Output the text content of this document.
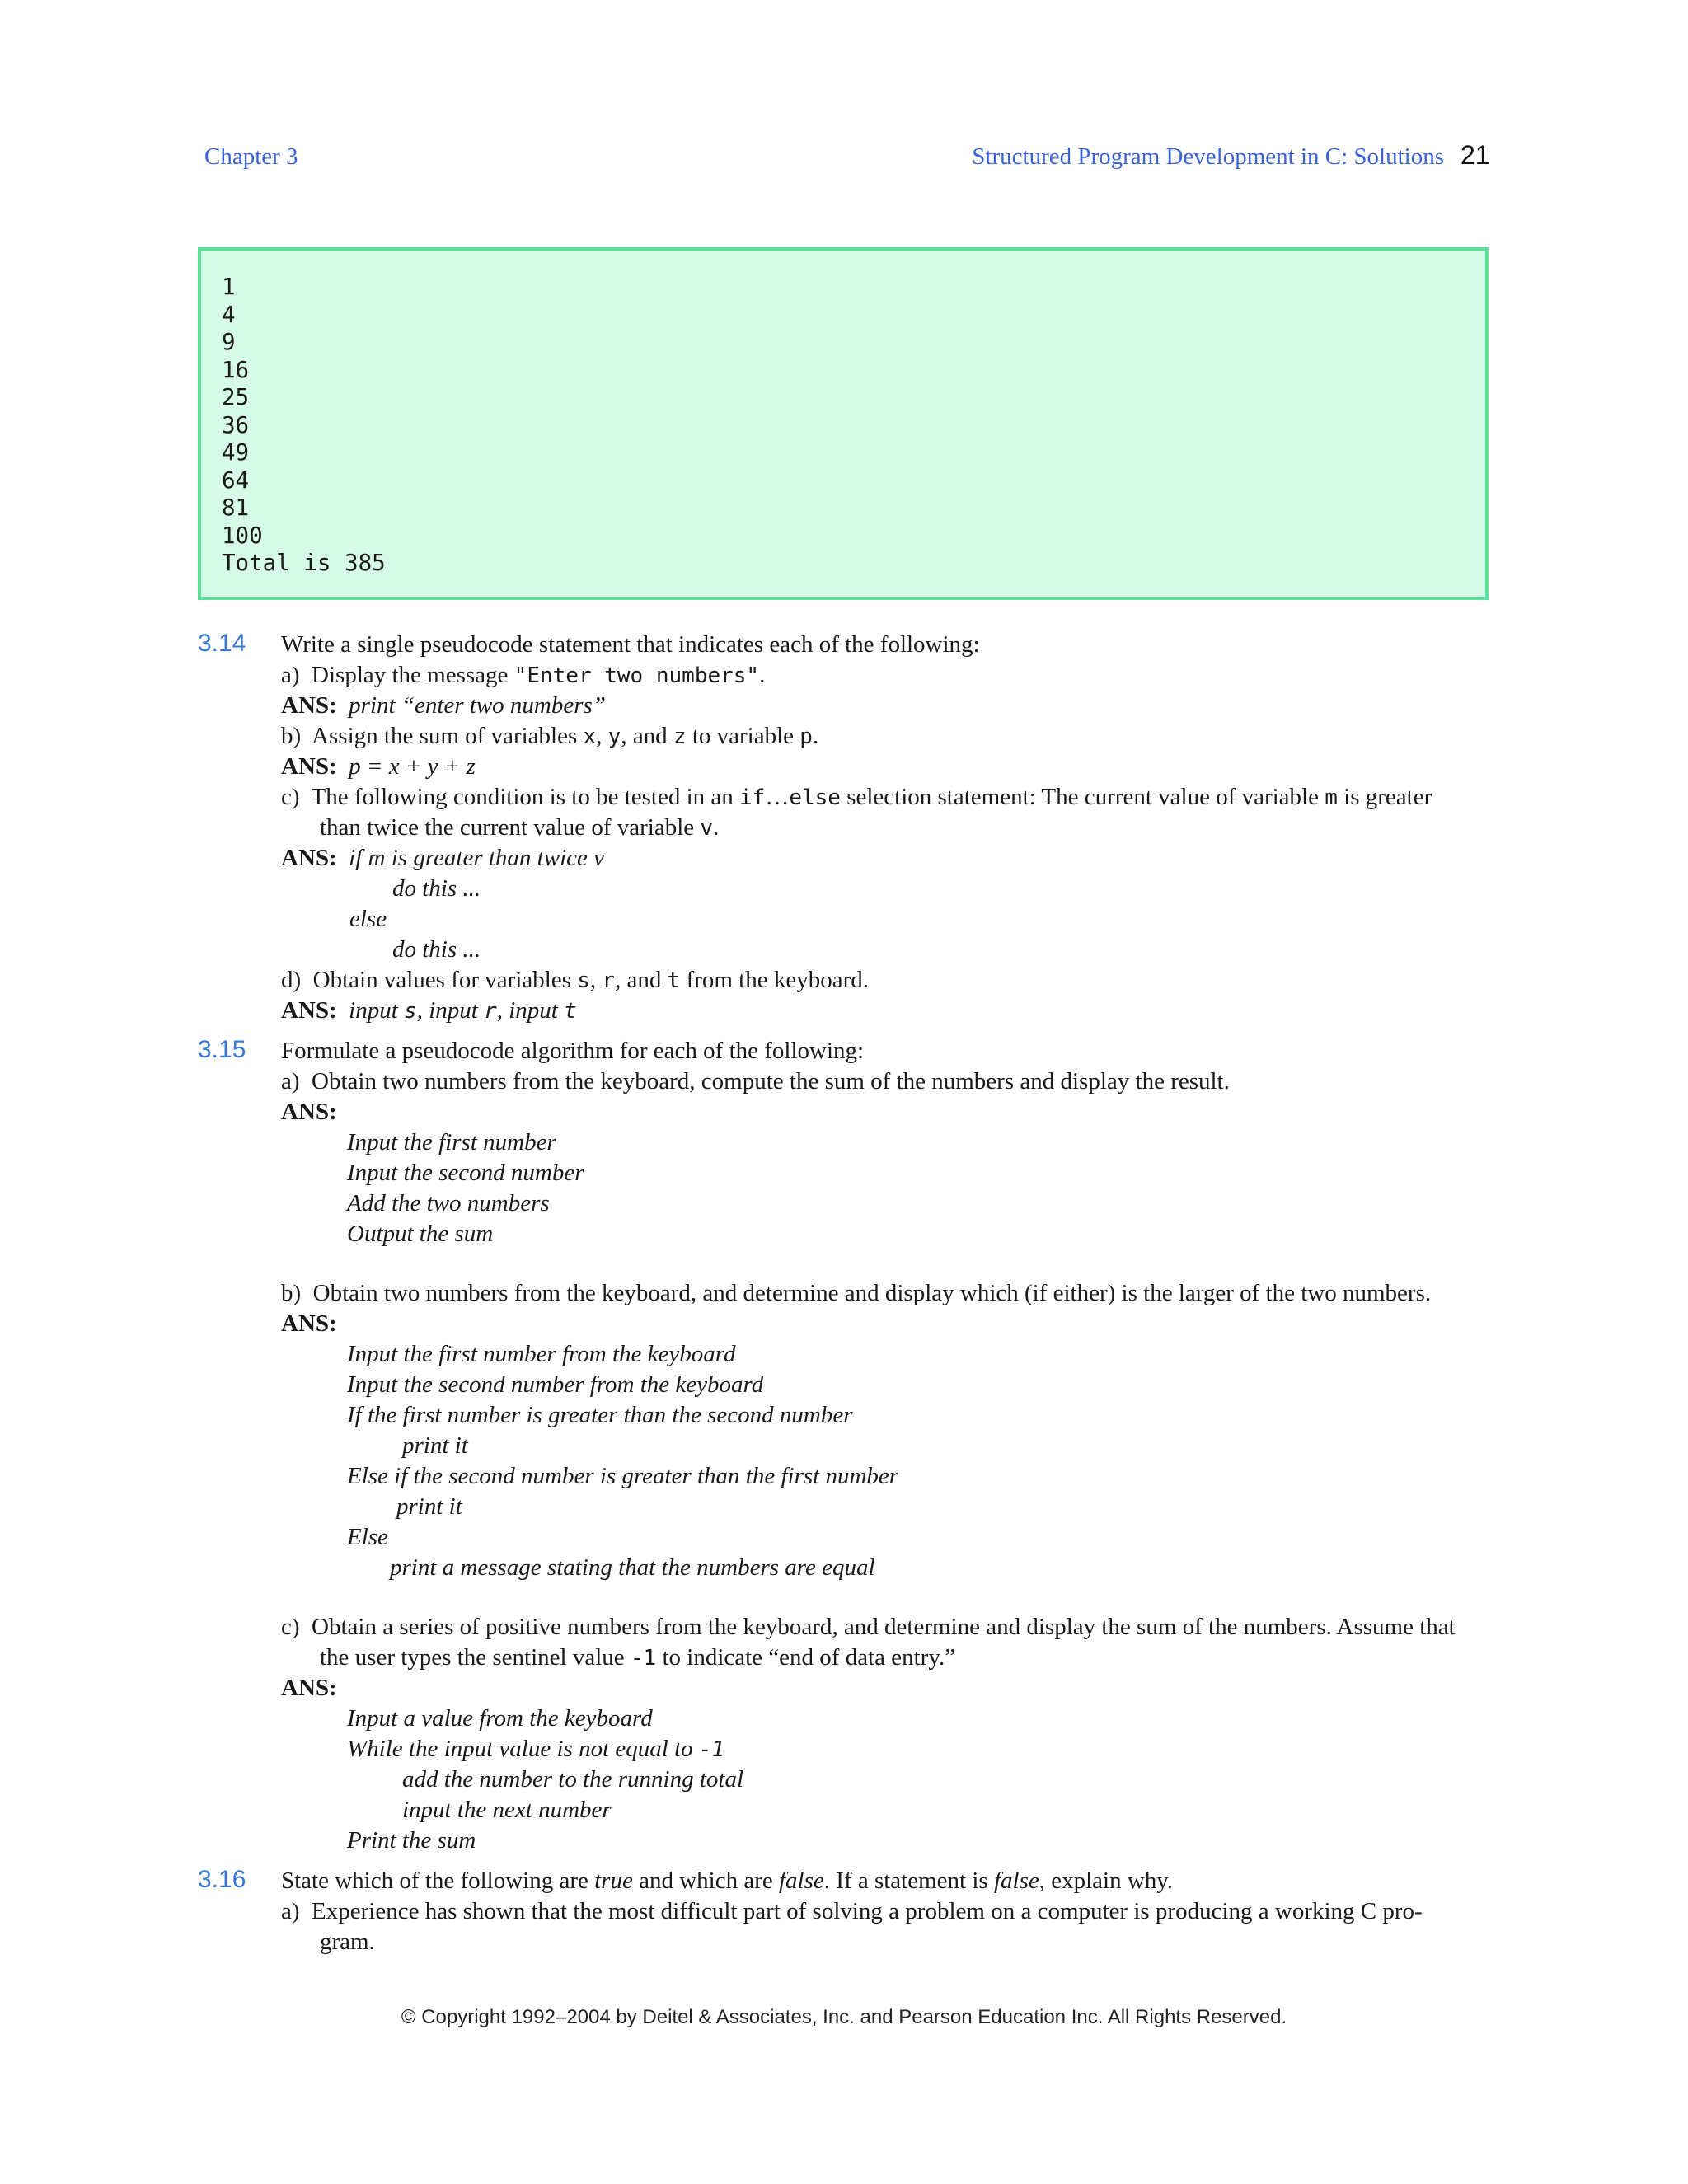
Chapter 3	Structured Program Development in C: Solutions 21
1
4
9
16
25
36
49
64
81
100
Total is 385
3.14 Write a single pseudocode statement that indicates each of the following:
a) Display the message "Enter two numbers".
ANS: print “enter two numbers”
b) Assign the sum of variables x, y, and z to variable p.
ANS: p = x + y + z
c) The following condition is to be tested in an if…else selection statement: The current value of variable m is greater
than twice the current value of variable v.
ANS: if m is greater than twice v
do this ...
else
do this ...
d) Obtain values for variables s, r, and t from the keyboard.
ANS: input s, input r, input t
3.15 Formulate a pseudocode algorithm for each of the following:
a) Obtain two numbers from the keyboard, compute the sum of the numbers and display the result.
ANS:
Input the first number
Input the second number
Add the two numbers
Output the sum
b) Obtain two numbers from the keyboard, and determine and display which (if either) is the larger of the two numbers.
ANS:
Input the first number from the keyboard
Input the second number from the keyboard
If the first number is greater than the second number
print it
Else if the second number is greater than the first number
print it
Else
print a message stating that the numbers are equal
c) Obtain a series of positive numbers from the keyboard, and determine and display the sum of the numbers. Assume that
the user types the sentinel value -1 to indicate “end of data entry.”
ANS:
Input a value from the keyboard
While the input value is not equal to -1
add the number to the running total
input the next number
Print the sum
3.16 State which of the following are true and which are false. If a statement is false, explain why.
a) Experience has shown that the most difficult part of solving a problem on a computer is producing a working C pro-
gram.
© Copyright 1992–2004 by Deitel & Associates, Inc. and Pearson Education Inc. All Rights Reserved.
